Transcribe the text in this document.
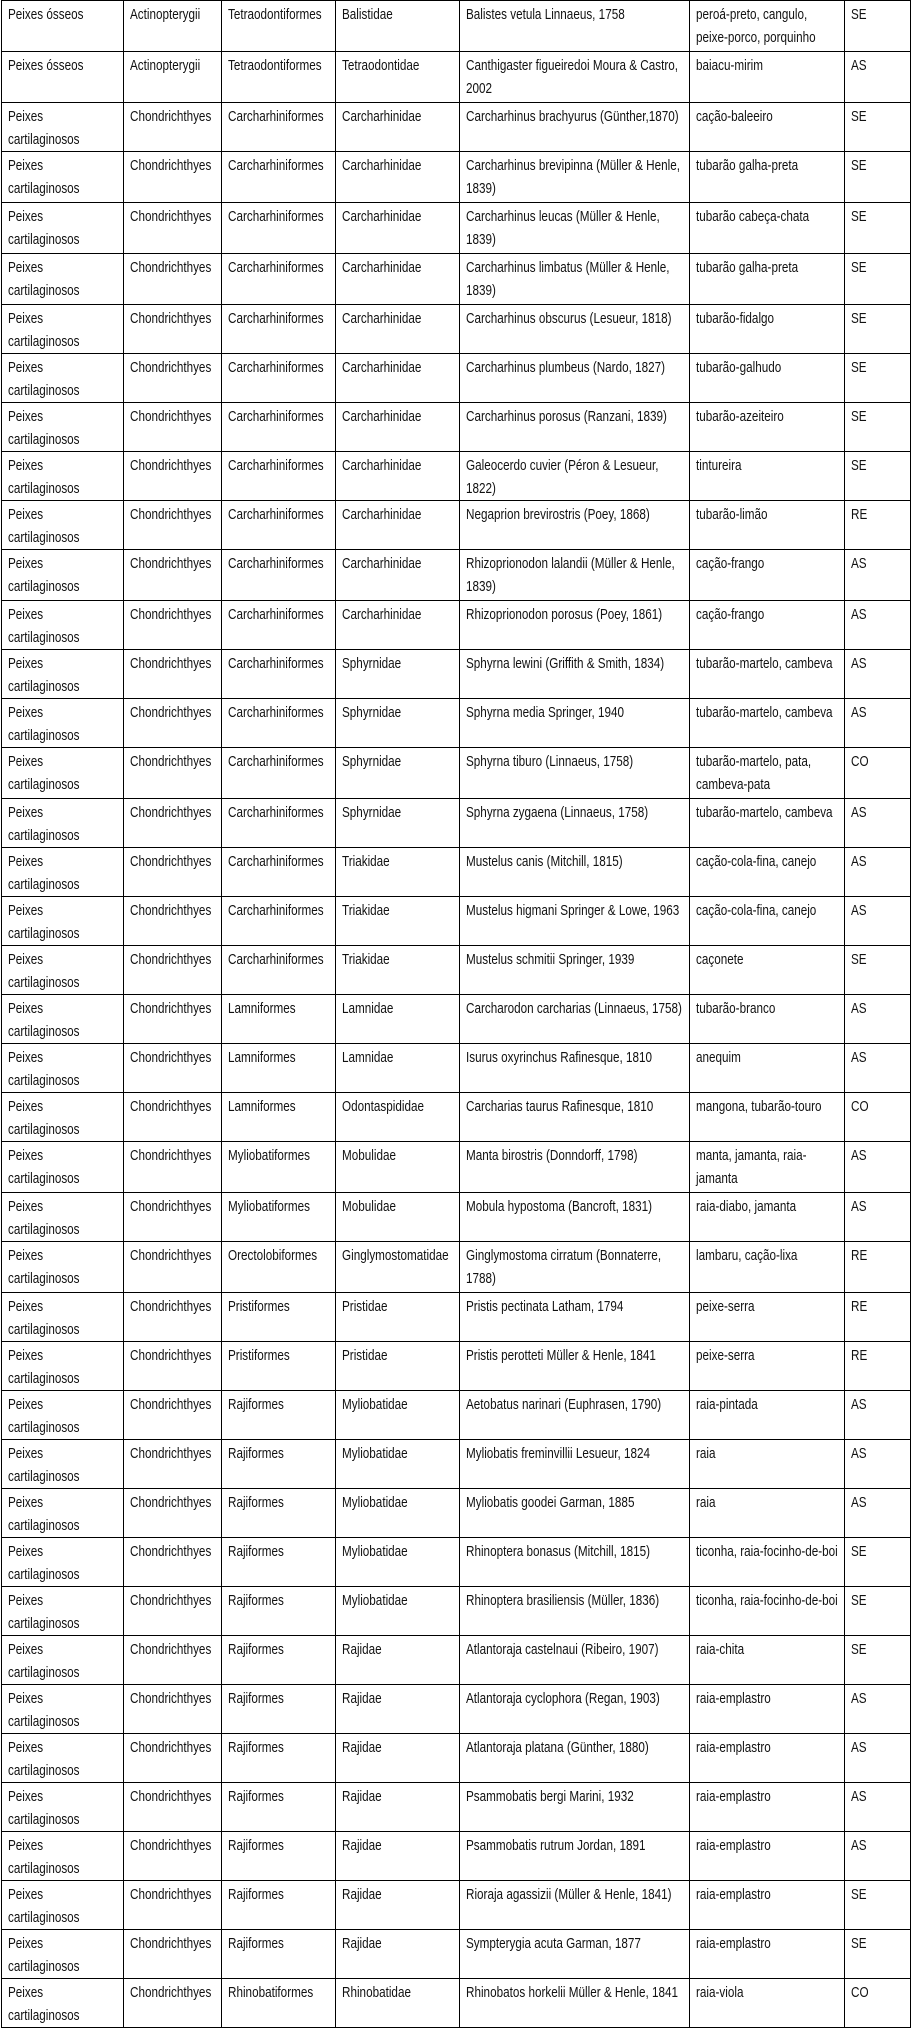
Peixes ósseos	Actinopterygii	Tetraodontiformes	Balistidae	Balistes vetula Linnaeus, 1758	peroá-preto, cangulo, peixe-porco, porquinho	SE
Peixes ósseos	Actinopterygii	Tetraodontiformes	Tetraodontidae	Canthigaster figueiredoi Moura & Castro, 2002	baiacu-mirim	AS
Peixes cartilaginosos	Chondrichthyes	Carcharhiniformes	Carcharhinidae	Carcharhinus brachyurus (Günther,1870)	cação-baleeiro	SE
Peixes cartilaginosos	Chondrichthyes	Carcharhiniformes	Carcharhinidae	Carcharhinus brevipinna (Müller & Henle, 1839)	tubarão galha-preta	SE
Peixes cartilaginosos	Chondrichthyes	Carcharhiniformes	Carcharhinidae	Carcharhinus leucas (Müller & Henle, 1839)	tubarão cabeça-chata	SE
Peixes cartilaginosos	Chondrichthyes	Carcharhiniformes	Carcharhinidae	Carcharhinus limbatus (Müller & Henle, 1839)	tubarão galha-preta	SE
Peixes cartilaginosos	Chondrichthyes	Carcharhiniformes	Carcharhinidae	Carcharhinus obscurus (Lesueur, 1818)	tubarão-fidalgo	SE
Peixes cartilaginosos	Chondrichthyes	Carcharhiniformes	Carcharhinidae	Carcharhinus plumbeus (Nardo, 1827)	tubarão-galhudo	SE
Peixes cartilaginosos	Chondrichthyes	Carcharhiniformes	Carcharhinidae	Carcharhinus porosus (Ranzani, 1839)	tubarão-azeiteiro	SE
Peixes cartilaginosos	Chondrichthyes	Carcharhiniformes	Carcharhinidae	Galeocerdo cuvier (Péron & Lesueur, 1822)	tintureira	SE
Peixes cartilaginosos	Chondrichthyes	Carcharhiniformes	Carcharhinidae	Negaprion brevirostris (Poey, 1868)	tubarão-limão	RE
Peixes cartilaginosos	Chondrichthyes	Carcharhiniformes	Carcharhinidae	Rhizoprionodon lalandii (Müller & Henle, 1839)	cação-frango	AS
Peixes cartilaginosos	Chondrichthyes	Carcharhiniformes	Carcharhinidae	Rhizoprionodon porosus (Poey, 1861)	cação-frango	AS
Peixes cartilaginosos	Chondrichthyes	Carcharhiniformes	Sphyrnidae	Sphyrna lewini (Griffith & Smith, 1834)	tubarão-martelo, cambeva	AS
Peixes cartilaginosos	Chondrichthyes	Carcharhiniformes	Sphyrnidae	Sphyrna media Springer, 1940	tubarão-martelo, cambeva	AS
Peixes cartilaginosos	Chondrichthyes	Carcharhiniformes	Sphyrnidae	Sphyrna tiburo (Linnaeus, 1758)	tubarão-martelo, pata, cambeva-pata	CO
Peixes cartilaginosos	Chondrichthyes	Carcharhiniformes	Sphyrnidae	Sphyrna zygaena (Linnaeus, 1758)	tubarão-martelo, cambeva	AS
Peixes cartilaginosos	Chondrichthyes	Carcharhiniformes	Triakidae	Mustelus canis (Mitchill, 1815)	cação-cola-fina, canejo	AS
Peixes cartilaginosos	Chondrichthyes	Carcharhiniformes	Triakidae	Mustelus higmani Springer & Lowe, 1963	cação-cola-fina, canejo	AS
Peixes cartilaginosos	Chondrichthyes	Carcharhiniformes	Triakidae	Mustelus schmitii Springer, 1939	caçonete	SE
Peixes cartilaginosos	Chondrichthyes	Lamniformes	Lamnidae	Carcharodon carcharias (Linnaeus, 1758)	tubarão-branco	AS
Peixes cartilaginosos	Chondrichthyes	Lamniformes	Lamnidae	Isurus oxyrinchus Rafinesque, 1810	anequim	AS
Peixes cartilaginosos	Chondrichthyes	Lamniformes	Odontaspididae	Carcharias taurus Rafinesque, 1810	mangona, tubarão-touro	CO
Peixes cartilaginosos	Chondrichthyes	Myliobatiformes	Mobulidae	Manta birostris (Donndorff, 1798)	manta, jamanta, raia-jamanta	AS
Peixes cartilaginosos	Chondrichthyes	Myliobatiformes	Mobulidae	Mobula hypostoma (Bancroft, 1831)	raia-diabo, jamanta	AS
Peixes cartilaginosos	Chondrichthyes	Orectolobiformes	Ginglymostomatidae	Ginglymostoma cirratum (Bonnaterre, 1788)	lambaru, cação-lixa	RE
Peixes cartilaginosos	Chondrichthyes	Pristiformes	Pristidae	Pristis pectinata Latham, 1794	peixe-serra	RE
Peixes cartilaginosos	Chondrichthyes	Pristiformes	Pristidae	Pristis perotteti Müller & Henle, 1841	peixe-serra	RE
Peixes cartilaginosos	Chondrichthyes	Rajiformes	Myliobatidae	Aetobatus narinari (Euphrasen, 1790)	raia-pintada	AS
Peixes cartilaginosos	Chondrichthyes	Rajiformes	Myliobatidae	Myliobatis freminvillii Lesueur, 1824	raia	AS
Peixes cartilaginosos	Chondrichthyes	Rajiformes	Myliobatidae	Myliobatis goodei Garman, 1885	raia	AS
Peixes cartilaginosos	Chondrichthyes	Rajiformes	Myliobatidae	Rhinoptera bonasus (Mitchill, 1815)	ticonha, raia-focinho-de-boi	SE
Peixes cartilaginosos	Chondrichthyes	Rajiformes	Myliobatidae	Rhinoptera brasiliensis (Müller, 1836)	ticonha, raia-focinho-de-boi	SE
Peixes cartilaginosos	Chondrichthyes	Rajiformes	Rajidae	Atlantoraja castelnaui (Ribeiro, 1907)	raia-chita	SE
Peixes cartilaginosos	Chondrichthyes	Rajiformes	Rajidae	Atlantoraja cyclophora (Regan, 1903)	raia-emplastro	AS
Peixes cartilaginosos	Chondrichthyes	Rajiformes	Rajidae	Atlantoraja platana (Günther, 1880)	raia-emplastro	AS
Peixes cartilaginosos	Chondrichthyes	Rajiformes	Rajidae	Psammobatis bergi Marini, 1932	raia-emplastro	AS
Peixes cartilaginosos	Chondrichthyes	Rajiformes	Rajidae	Psammobatis rutrum Jordan, 1891	raia-emplastro	AS
Peixes cartilaginosos	Chondrichthyes	Rajiformes	Rajidae	Rioraja agassizii (Müller & Henle, 1841)	raia-emplastro	SE
Peixes cartilaginosos	Chondrichthyes	Rajiformes	Rajidae	Sympterygia acuta Garman, 1877	raia-emplastro	SE
Peixes cartilaginosos	Chondrichthyes	Rhinobatiformes	Rhinobatidae	Rhinobatos horkelii Müller & Henle, 1841	raia-viola	CO
